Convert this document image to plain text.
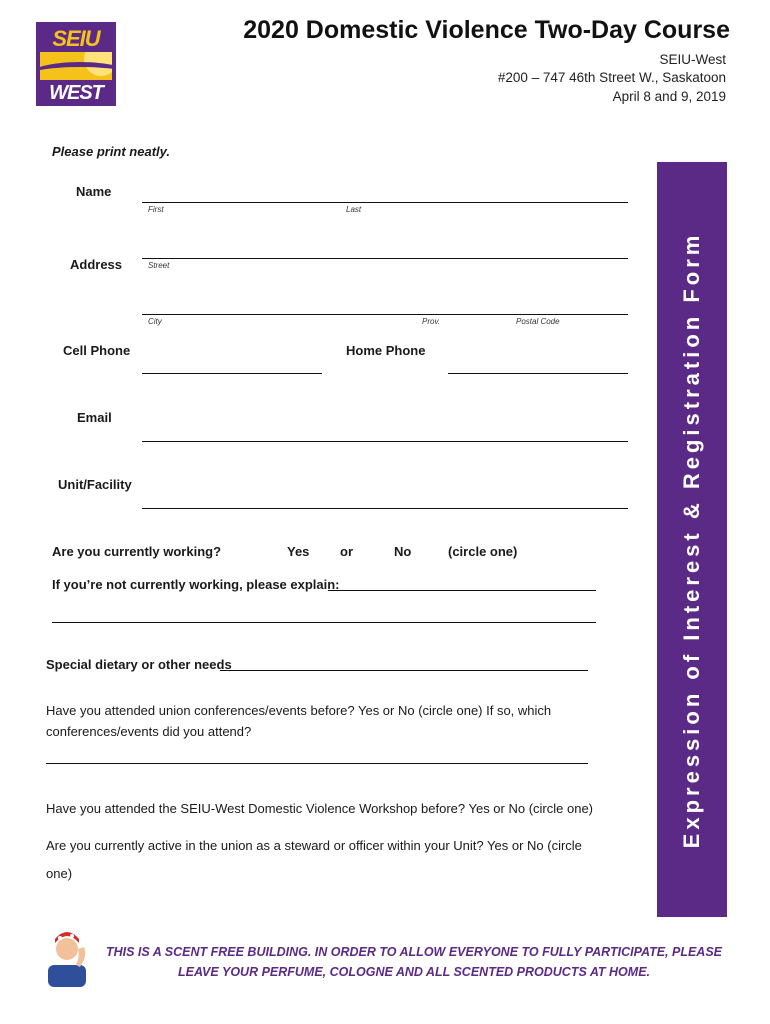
SEIU
WEST
2020 Domestic Violence Two-Day Course
SEIU-West
#200 – 747 46th Street W., Saskatoon
April 8 and 9, 2019
Expression of Interest & Registration Form
Please print neatly.
Name
First	Last
Address	Street
City	Prov.	Postal Code
Cell Phone	Home Phone
Email
Unit/Facility
Are you currently working?	Yes or	No	(circle one)
If you’re not currently working, please explain:
Special dietary or other needs
Have you attended union conferences/events before? Yes or No (circle one) If so, which
conferences/events did you attend?
Have you attended the SEIU-West Domestic Violence Workshop before? Yes or No (circle one)
Are you currently active in the union as a steward or officer within your Unit? Yes or No (circle
one)
THIS IS A SCENT FREE BUILDING. IN ORDER TO ALLOW EVERYONE TO FULLY PARTICIPATE, PLEASE
LEAVE YOUR PERFUME, COLOGNE AND ALL SCENTED PRODUCTS AT HOME.
